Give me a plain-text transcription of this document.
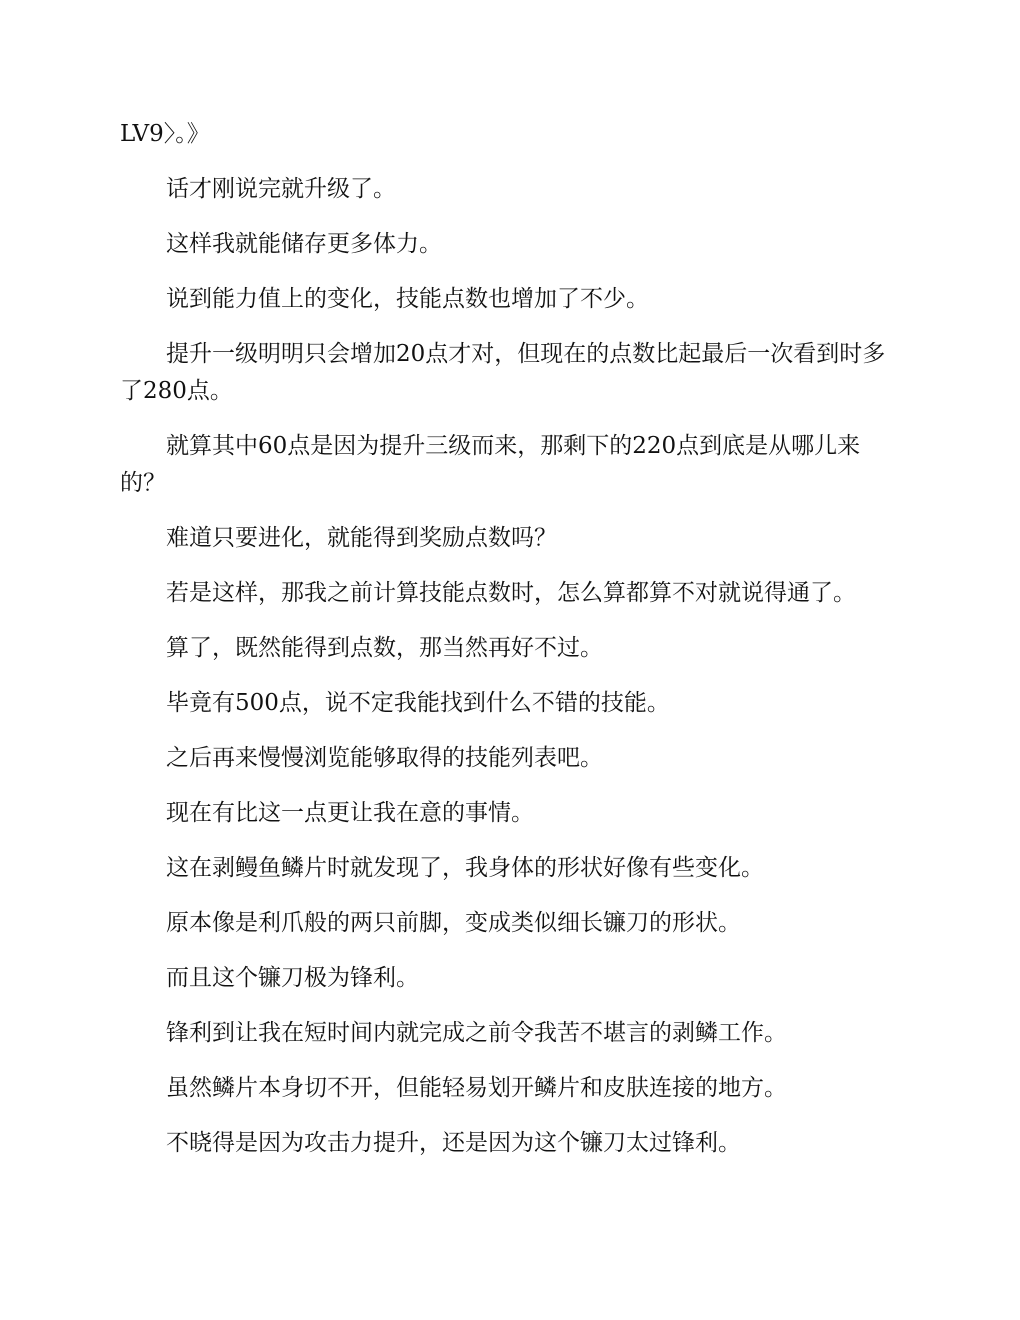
LV9〉。》

话才刚说完就升级了。

这样我就能储存更多体力。

说到能力值上的变化，技能点数也增加了不少。

提升一级明明只会增加20点才对，但现在的点数比起最后一次看到时多了280点。

就算其中60点是因为提升三级而来，那剩下的220点到底是从哪儿来的？

难道只要进化，就能得到奖励点数吗？

若是这样，那我之前计算技能点数时，怎么算都算不对就说得通了。

算了，既然能得到点数，那当然再好不过。

毕竟有500点，说不定我能找到什么不错的技能。

之后再来慢慢浏览能够取得的技能列表吧。

现在有比这一点更让我在意的事情。

这在剥鳗鱼鳞片时就发现了，我身体的形状好像有些变化。

原本像是利爪般的两只前脚，变成类似细长镰刀的形状。

而且这个镰刀极为锋利。

锋利到让我在短时间内就完成之前令我苦不堪言的剥鳞工作。

虽然鳞片本身切不开，但能轻易划开鳞片和皮肤连接的地方。

不晓得是因为攻击力提升，还是因为这个镰刀太过锋利。
